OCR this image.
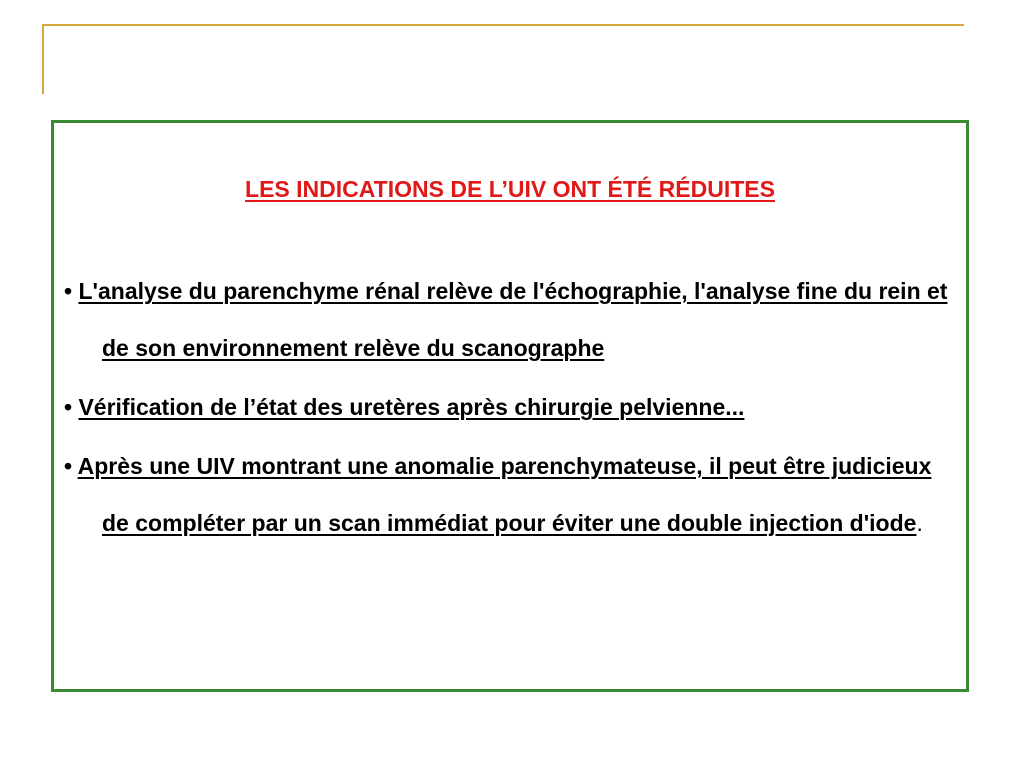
LES INDICATIONS DE L’UIV ONT ÉTÉ RÉDUITES
• L'analyse du parenchyme rénal relève de l'échographie, l'analyse fine du rein et de son environnement relève du scanographe
• Vérification de l’état des uretères après chirurgie pelvienne...
• Après une UIV montrant une anomalie parenchymateuse, il peut être judicieux de compléter par un scan immédiat pour éviter une double injection d'iode.
